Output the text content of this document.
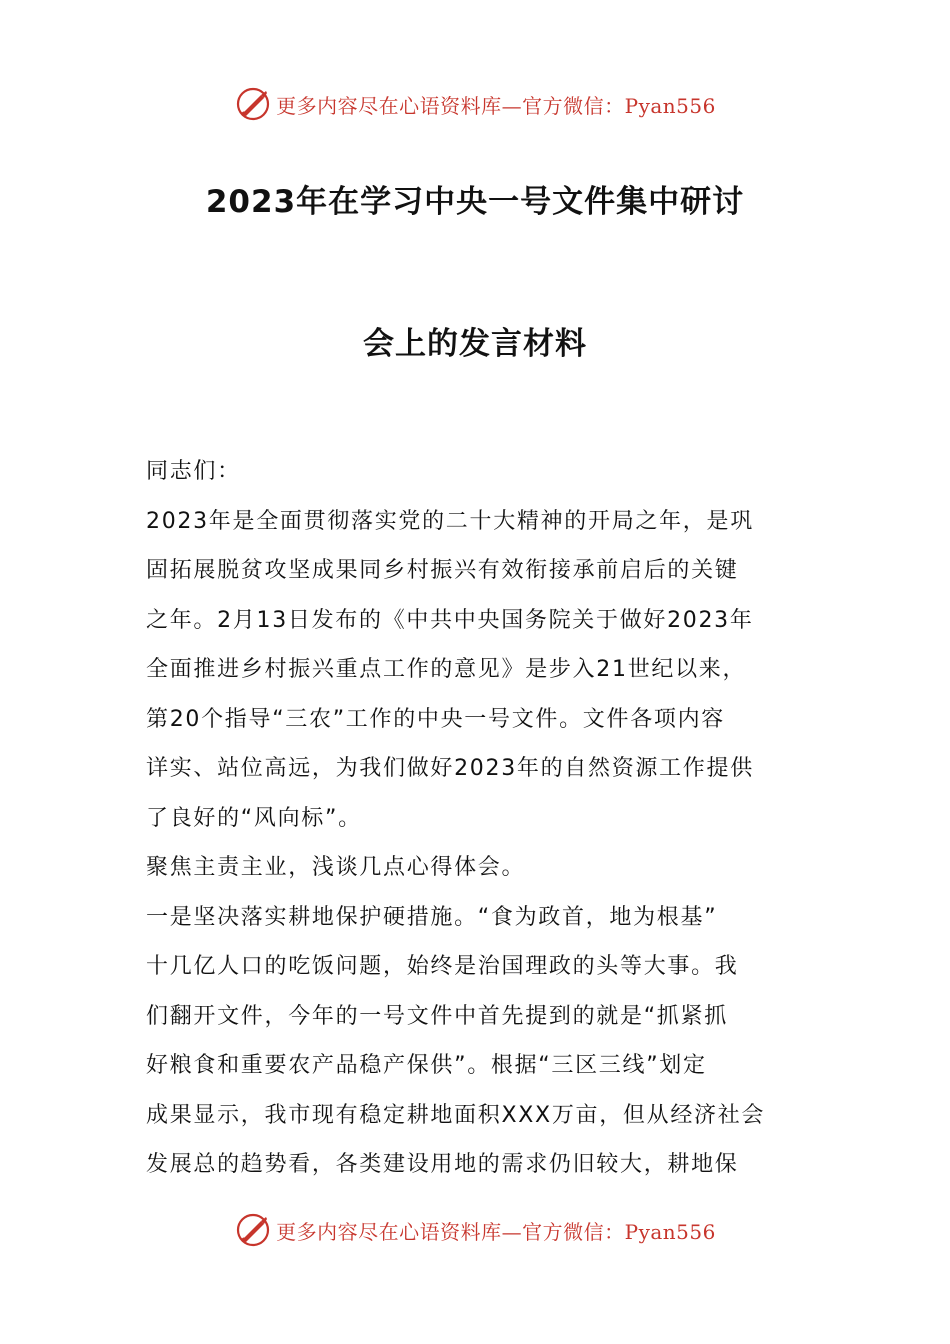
更多内容尽在心语资料库—官方微信：Pyan556
2023年在学习中央一号文件集中研讨
会上的发言材料

同志们：

2023年是全面贯彻落实党的二十大精神的开局之年，是巩

固拓展脱贫攻坚成果同乡村振兴有效衔接承前启后的关键

之年。2月13日发布的《中共中央国务院关于做好2023年

全面推进乡村振兴重点工作的意见》是步入21世纪以来，

第20个指导“三农”工作的中央一号文件。文件各项内容

详实、站位高远，为我们做好2023年的自然资源工作提供

了良好的“风向标”。

聚焦主责主业，浅谈几点心得体会。

一是坚决落实耕地保护硬措施。“食为政首，地为根基”

十几亿人口的吃饭问题，始终是治国理政的头等大事。我

们翻开文件，今年的一号文件中首先提到的就是“抓紧抓

好粮食和重要农产品稳产保供”。根据“三区三线”划定

成果显示，我市现有稳定耕地面积XXX万亩，但从经济社会

发展总的趋势看，各类建设用地的需求仍旧较大，耕地保

更多内容尽在心语资料库—官方微信：Pyan556
